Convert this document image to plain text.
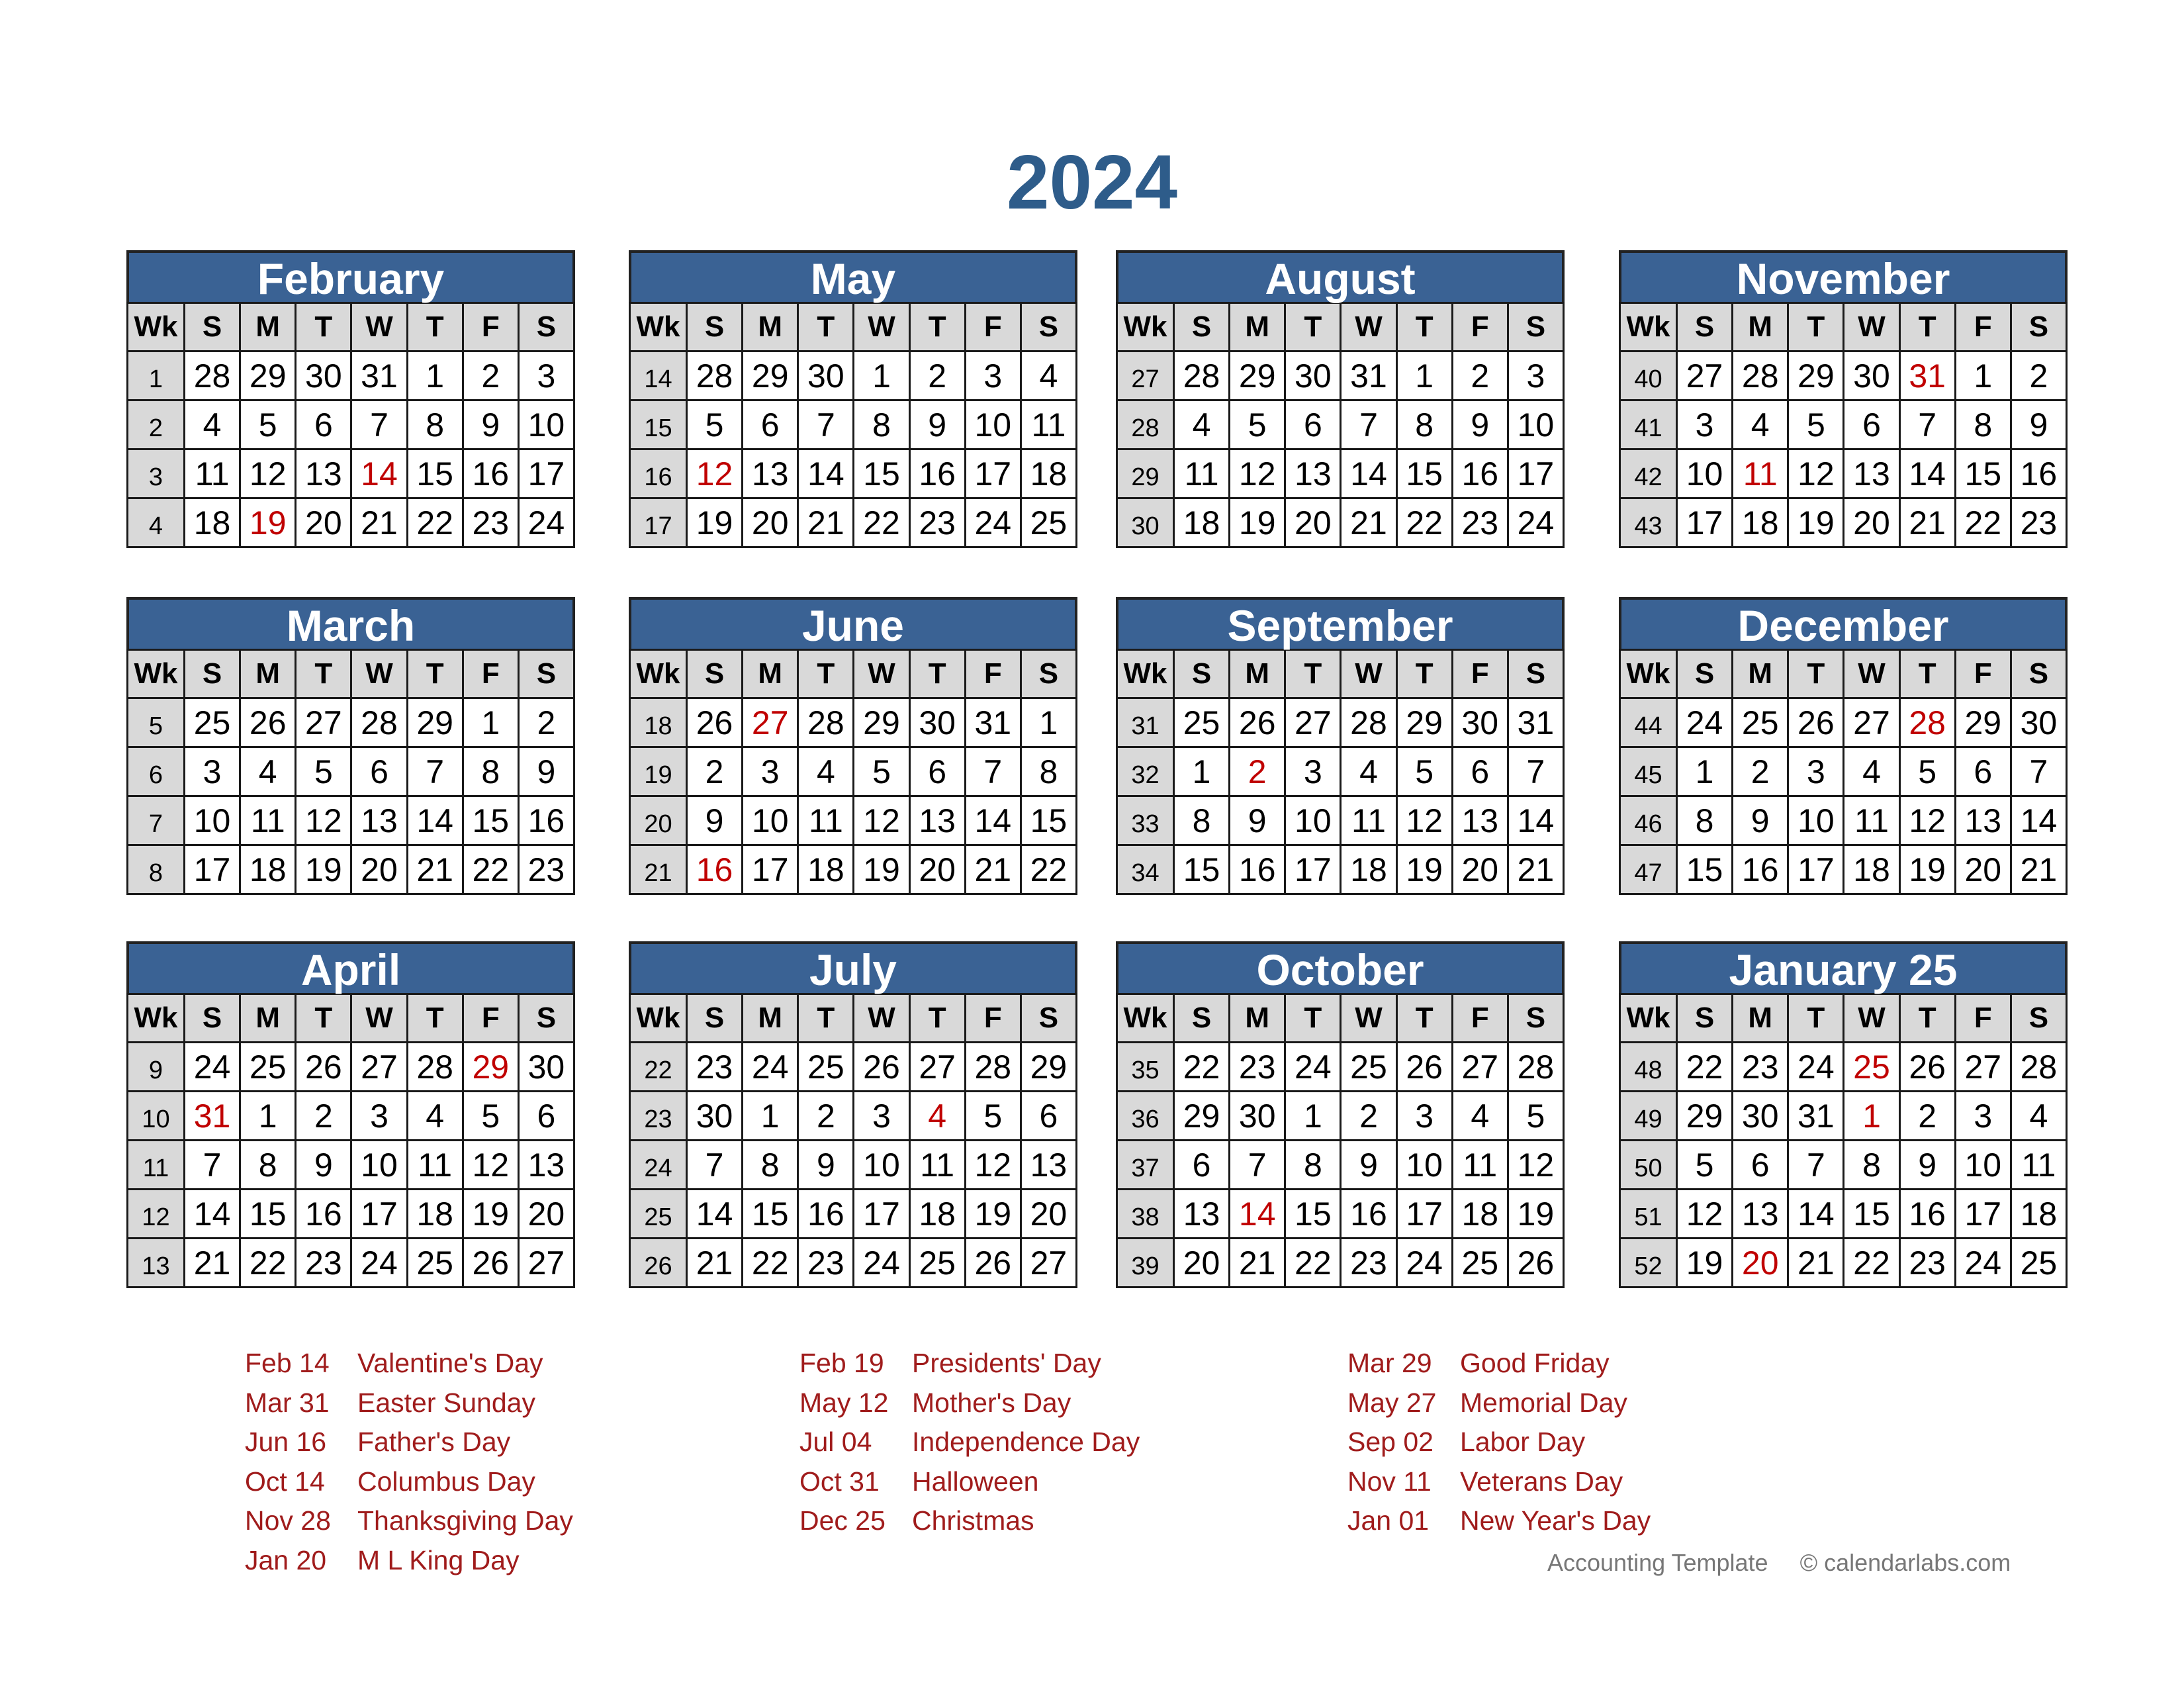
2024
February
Wk	S	M	T	W	T	F	S
1	28	29	30	31	1	2	3
2	4	5	6	7	8	9	10
3	11	12	13	14	15	16	17
4	18	19	20	21	22	23	24
May
Wk	S	M	T	W	T	F	S
14	28	29	30	1	2	3	4
15	5	6	7	8	9	10	11
16	12	13	14	15	16	17	18
17	19	20	21	22	23	24	25
August
Wk	S	M	T	W	T	F	S
27	28	29	30	31	1	2	3
28	4	5	6	7	8	9	10
29	11	12	13	14	15	16	17
30	18	19	20	21	22	23	24
November
Wk	S	M	T	W	T	F	S
40	27	28	29	30	31	1	2
41	3	4	5	6	7	8	9
42	10	11	12	13	14	15	16
43	17	18	19	20	21	22	23
March
Wk	S	M	T	W	T	F	S
5	25	26	27	28	29	1	2
6	3	4	5	6	7	8	9
7	10	11	12	13	14	15	16
8	17	18	19	20	21	22	23
June
Wk	S	M	T	W	T	F	S
18	26	27	28	29	30	31	1
19	2	3	4	5	6	7	8
20	9	10	11	12	13	14	15
21	16	17	18	19	20	21	22
September
Wk	S	M	T	W	T	F	S
31	25	26	27	28	29	30	31
32	1	2	3	4	5	6	7
33	8	9	10	11	12	13	14
34	15	16	17	18	19	20	21
December
Wk	S	M	T	W	T	F	S
44	24	25	26	27	28	29	30
45	1	2	3	4	5	6	7
46	8	9	10	11	12	13	14
47	15	16	17	18	19	20	21
April
Wk	S	M	T	W	T	F	S
9	24	25	26	27	28	29	30
10	31	1	2	3	4	5	6
11	7	8	9	10	11	12	13
12	14	15	16	17	18	19	20
13	21	22	23	24	25	26	27
July
Wk	S	M	T	W	T	F	S
22	23	24	25	26	27	28	29
23	30	1	2	3	4	5	6
24	7	8	9	10	11	12	13
25	14	15	16	17	18	19	20
26	21	22	23	24	25	26	27
October
Wk	S	M	T	W	T	F	S
35	22	23	24	25	26	27	28
36	29	30	1	2	3	4	5
37	6	7	8	9	10	11	12
38	13	14	15	16	17	18	19
39	20	21	22	23	24	25	26
January 25
Wk	S	M	T	W	T	F	S
48	22	23	24	25	26	27	28
49	29	30	31	1	2	3	4
50	5	6	7	8	9	10	11
51	12	13	14	15	16	17	18
52	19	20	21	22	23	24	25
Feb 14 Valentine's Day
Mar 31 Easter Sunday
Jun 16 Father's Day
Oct 14 Columbus Day
Nov 28 Thanksgiving Day
Jan 20 M L King Day
Feb 19 Presidents' Day
May 12 Mother's Day
Jul 04 Independence Day
Oct 31 Halloween
Dec 25 Christmas
Mar 29 Good Friday
May 27 Memorial Day
Sep 02 Labor Day
Nov 11 Veterans Day
Jan 01 New Year's Day
Accounting Template © calendarlabs.com
